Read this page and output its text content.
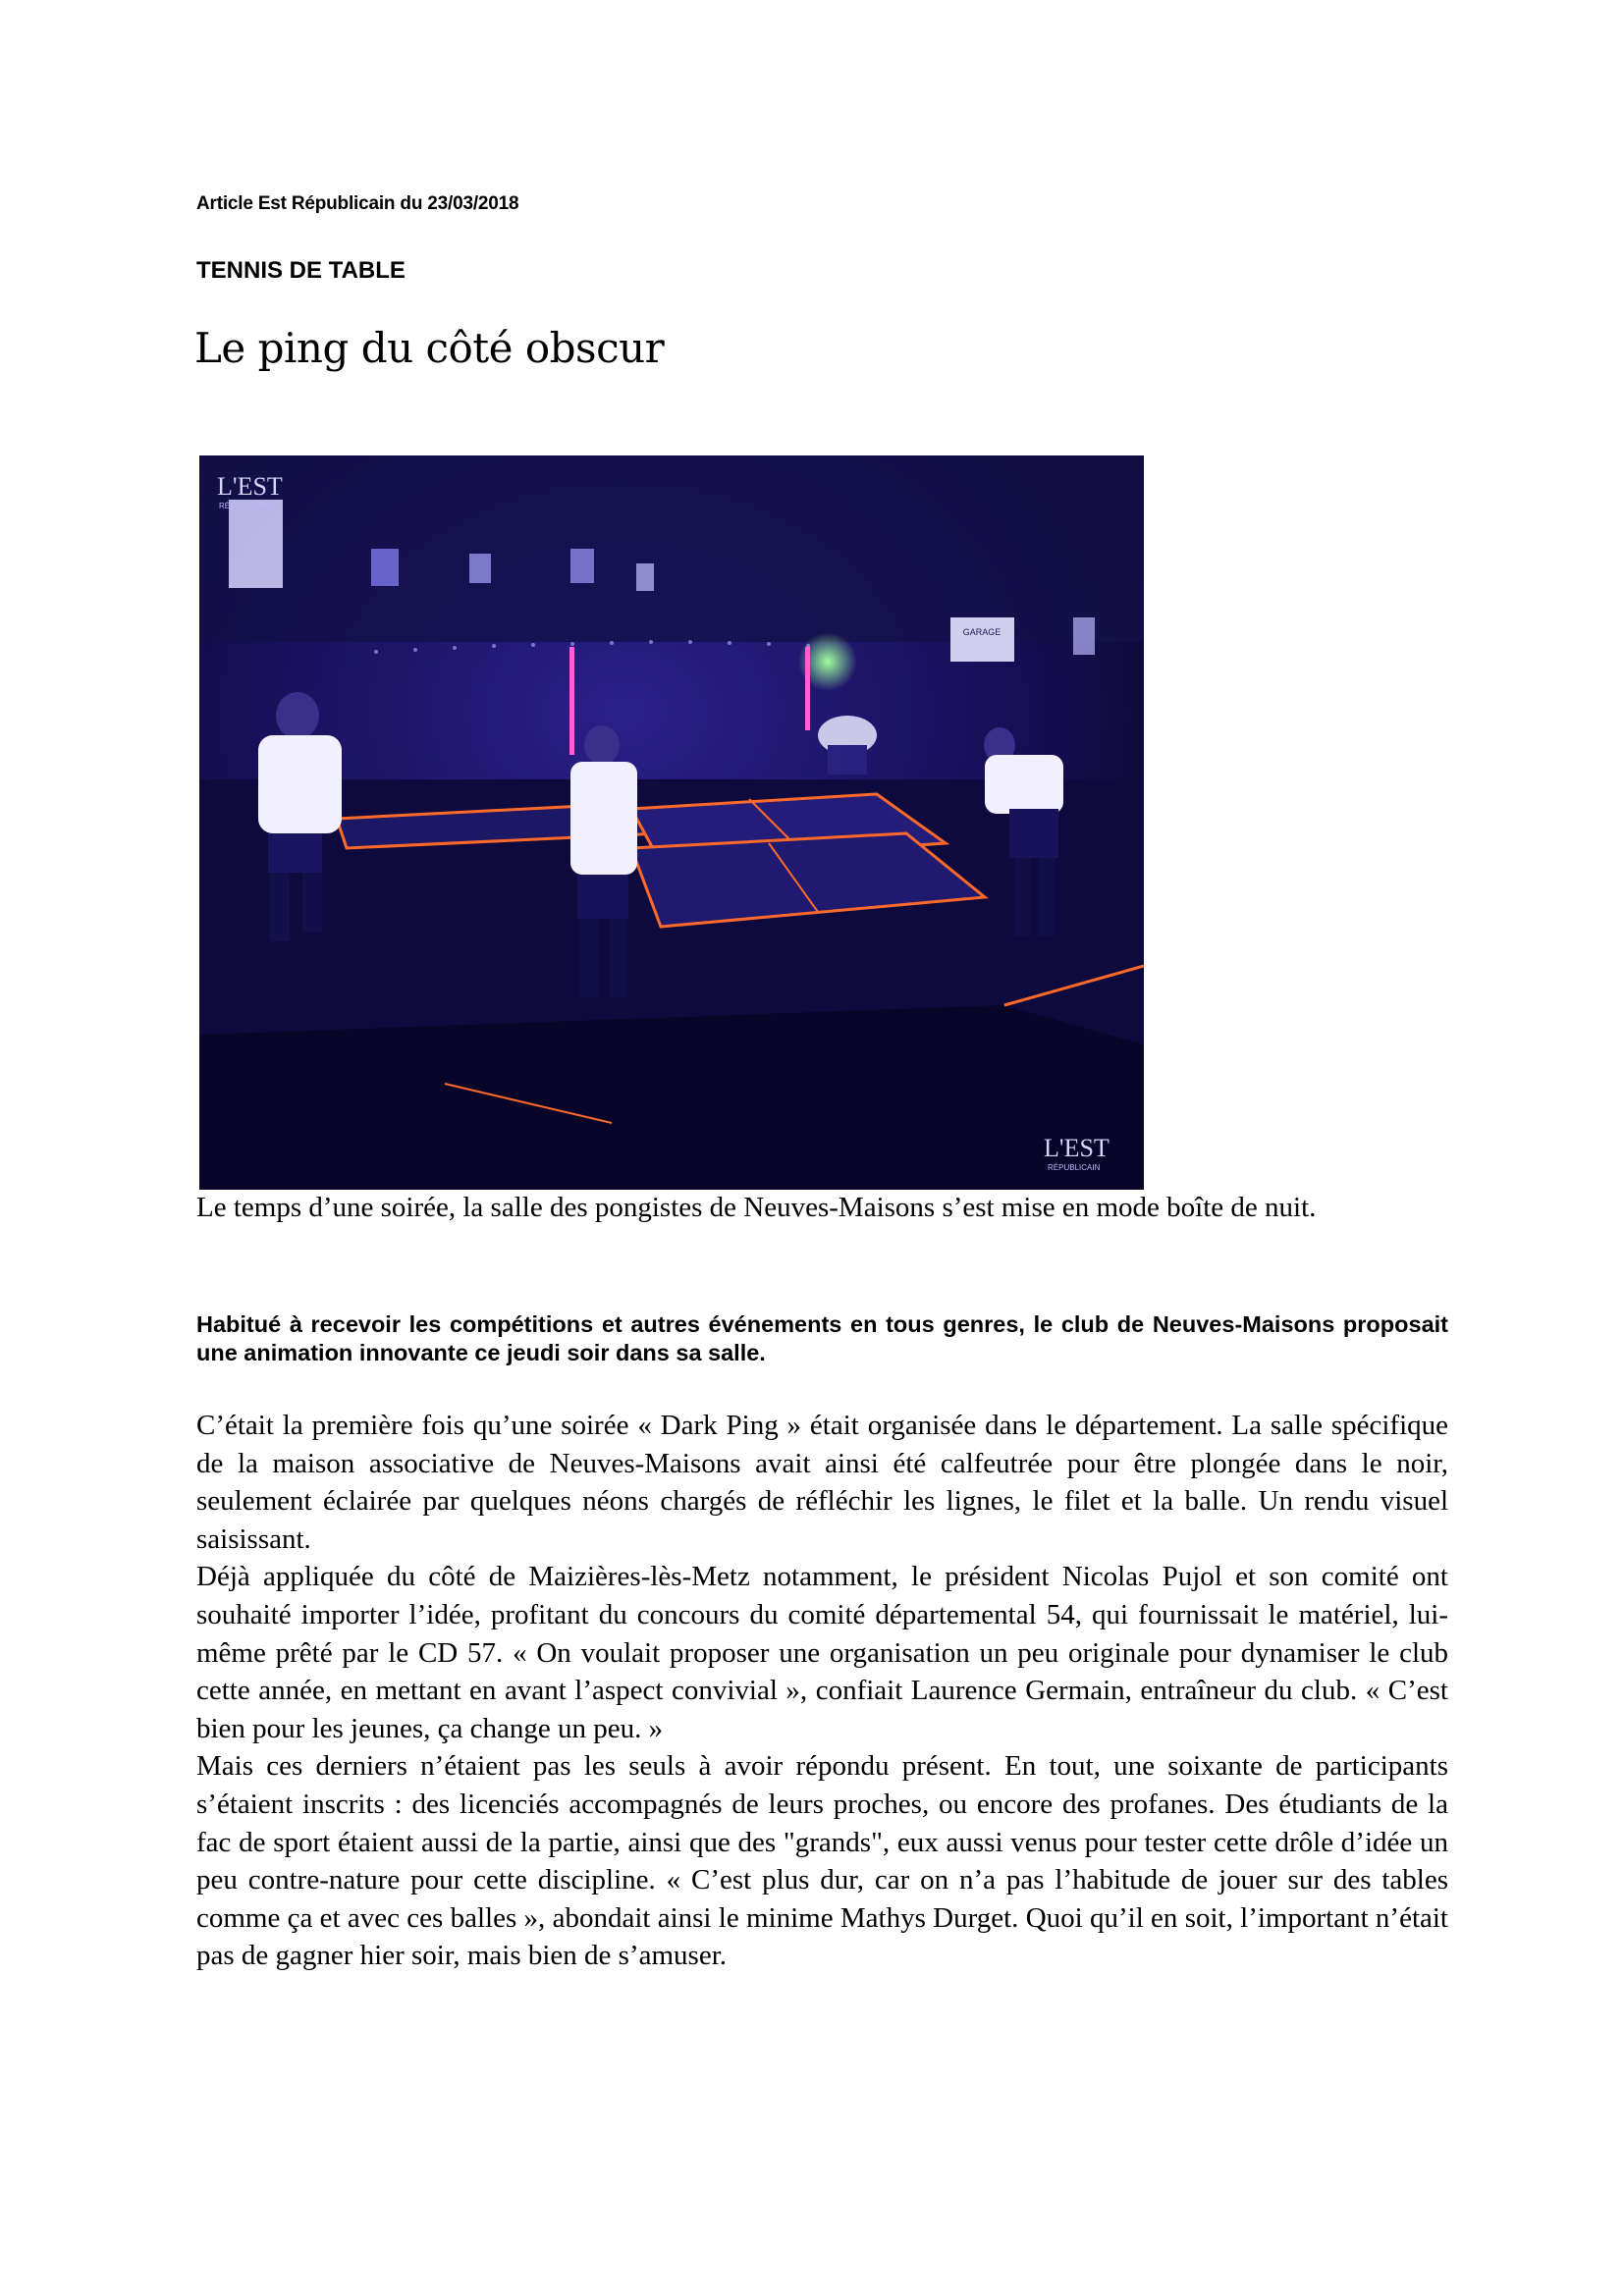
Article Est Républicain du 23/03/2018
TENNIS DE TABLE
Le ping du côté obscur
GARAGE
L'EST
RÉPUBLICAIN
L'EST
RÉPUBLICAIN
Le temps d’une soirée, la salle des pongistes de Neuves-Maisons s’est mise en mode boîte de nuit.
Habitué à recevoir les compétitions et autres événements en tous genres, le club de Neuves-Maisons proposait une animation innovante ce jeudi soir dans sa salle.

C’était la première fois qu’une soirée « Dark Ping » était organisée dans le département. La salle spécifique de la maison associative de Neuves-Maisons avait ainsi été calfeutrée pour être plongée dans le noir, seulement éclairée par quelques néons chargés de réfléchir les lignes, le filet et la balle. Un rendu visuel saisissant.

Déjà appliquée du côté de Maizières-lès-Metz notamment, le président Nicolas Pujol et son comité ont souhaité importer l’idée, profitant du concours du comité départemental 54, qui fournissait le matériel, lui-même prêté par le CD 57. « On voulait proposer une organisation un peu originale pour dynamiser le club cette année, en mettant en avant l’aspect convivial », confiait Laurence Germain, entraîneur du club. « C’est bien pour les jeunes, ça change un peu. »

Mais ces derniers n’étaient pas les seuls à avoir répondu présent. En tout, une soixante de participants s’étaient inscrits : des licenciés accompagnés de leurs proches, ou encore des profanes. Des étudiants de la fac de sport étaient aussi de la partie, ainsi que des "grands", eux aussi venus pour tester cette drôle d’idée un peu contre-nature pour cette discipline. « C’est plus dur, car on n’a pas l’habitude de jouer sur des tables comme ça et avec ces balles », abondait ainsi le minime Mathys Durget. Quoi qu’il en soit, l’important n’était pas de gagner hier soir, mais bien de s’amuser.
